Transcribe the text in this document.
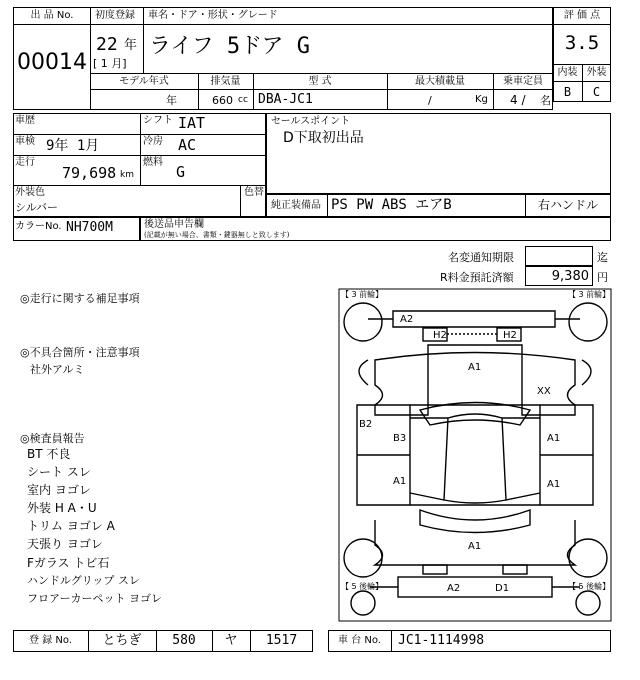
出 品 No.
00014
初度登録 車名・ドア・形状・グレード
22 年
[ 1 月]
ライフ 5ドア G
評 価 点
3.5
内装 外装
B	C
モデル年式	排気量	型 式	最大積載量	乗車定員
年	660 cc DBA-JC1	/	Kg 4 / 名
車歴	シフト IAT
車検 9年 1月	冷房 AC
走行
79,698 km
燃料
G
外装色
シルバー
色替
セールスポイント
D下取初出品
純正装備品 PS PW ABS エアB	右ハンドル
カラーNo. NH700M	後送品申告欄
(記載が無い場合、書類・鍵器無しと致します)
名変通知期限	迄
R料金預託済額	9,380 円
◎走行に関する補足事項
◎不具合箇所・注意事項
社外アルミ
◎検査員報告
BT 不良
シート スレ
室内 ヨゴレ
外装 H A・U
トリム ヨゴレ A
天張り ヨゴレ
Fガラス トビ石
ハンドルグリップ スレ
フロアーカーペット ヨゴレ
【 3 前輪】	【 3 前輪】
【 5 後輪】	【 5 後輪】
A2
H2	H2
A1
XX
B2
B3	A1
A1	A1
A1
A2	D1
登 録 No.	とちぎ	580	ヤ	1517	車 台 No.	JC1-1114998
